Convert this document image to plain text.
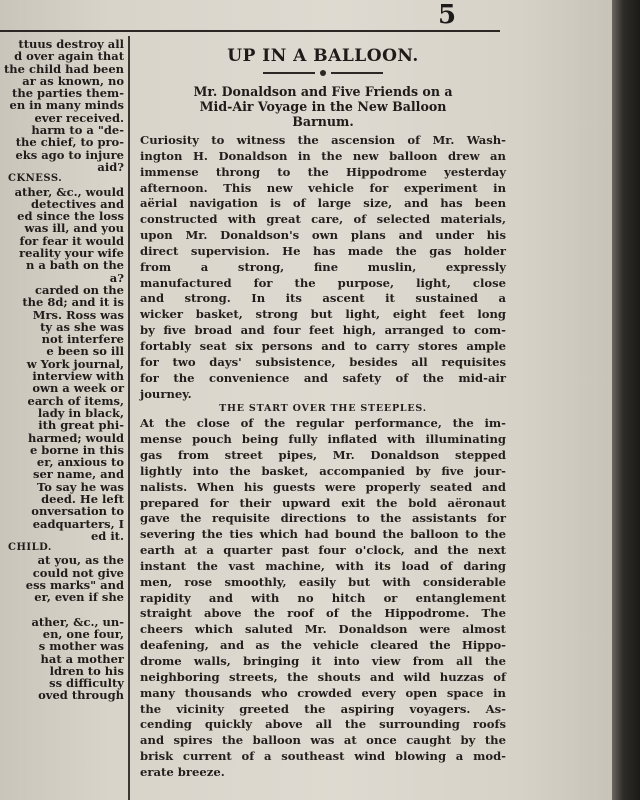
5

ttuus destroy all
d over again that
the child had been
ar as known, no
the parties them-
en in many minds
ever received.
harm to a "de-
the chief, to pro-
eks ago to injure
aid?
CKNESS.
ather, &c., would
detectives and
ed since the loss
was ill, and you
for fear it would
reality your wife
n a bath on the
a?
carded on the
the 8d; and it is
Mrs. Ross was
ty as she was
not interfere
e been so ill
w York journal,
interview with
own a week or
earch of items,
lady in black,
ith great phi-
harmed; would
e borne in this
er, anxious to
ser name, and
To say he was
deed. He left
onversation to
eadquarters, I
ed it.
CHILD.
at you, as the
could not give
ess marks" and
er, even if she
ather, &c., un-
en, one four,
s mother was
hat a mother
ldren to his
ss difficulty
oved through
UP IN A BALLOON.
Mr. Donaldson and Five Friends on a
Mid-Air Voyage in the New Balloon
Barnum.
Curiosity to witness the ascension of Mr. Wash-
ington H. Donaldson in the new balloon drew an
immense throng to the Hippodrome yesterday
afternoon. This new vehicle for experiment in
aërial navigation is of large size, and has been
constructed with great care, of selected materials,
upon Mr. Donaldson's own plans and under his
direct supervision. He has made the gas holder
from a strong, fine muslin, expressly
manufactured for the purpose, light, close
and strong. In its ascent it sustained a
wicker basket, strong but light, eight feet long
by five broad and four feet high, arranged to com-
fortably seat six persons and to carry stores ample
for two days' subsistence, besides all requisites
for the convenience and safety of the mid-air
journey.

THE START OVER THE STEEPLES.

At the close of the regular performance, the im-
mense pouch being fully inflated with illuminating
gas from street pipes, Mr. Donaldson stepped
lightly into the basket, accompanied by five jour-
nalists. When his guests were properly seated and
prepared for their upward exit the bold aëronaut
gave the requisite directions to the assistants for
severing the ties which had bound the balloon to the
earth at a quarter past four o'clock, and the next
instant the vast machine, with its load of daring
men, rose smoothly, easily but with considerable
rapidity and with no hitch or entanglement
straight above the roof of the Hippodrome. The
cheers which saluted Mr. Donaldson were almost
deafening, and as the vehicle cleared the Hippo-
drome walls, bringing it into view from all the
neighboring streets, the shouts and wild huzzas of
many thousands who crowded every open space in
the vicinity greeted the aspiring voyagers. As-
cending quickly above all the surrounding roofs
and spires the balloon was at once caught by the
brisk current of a southeast wind blowing a mod-
erate breeze.
